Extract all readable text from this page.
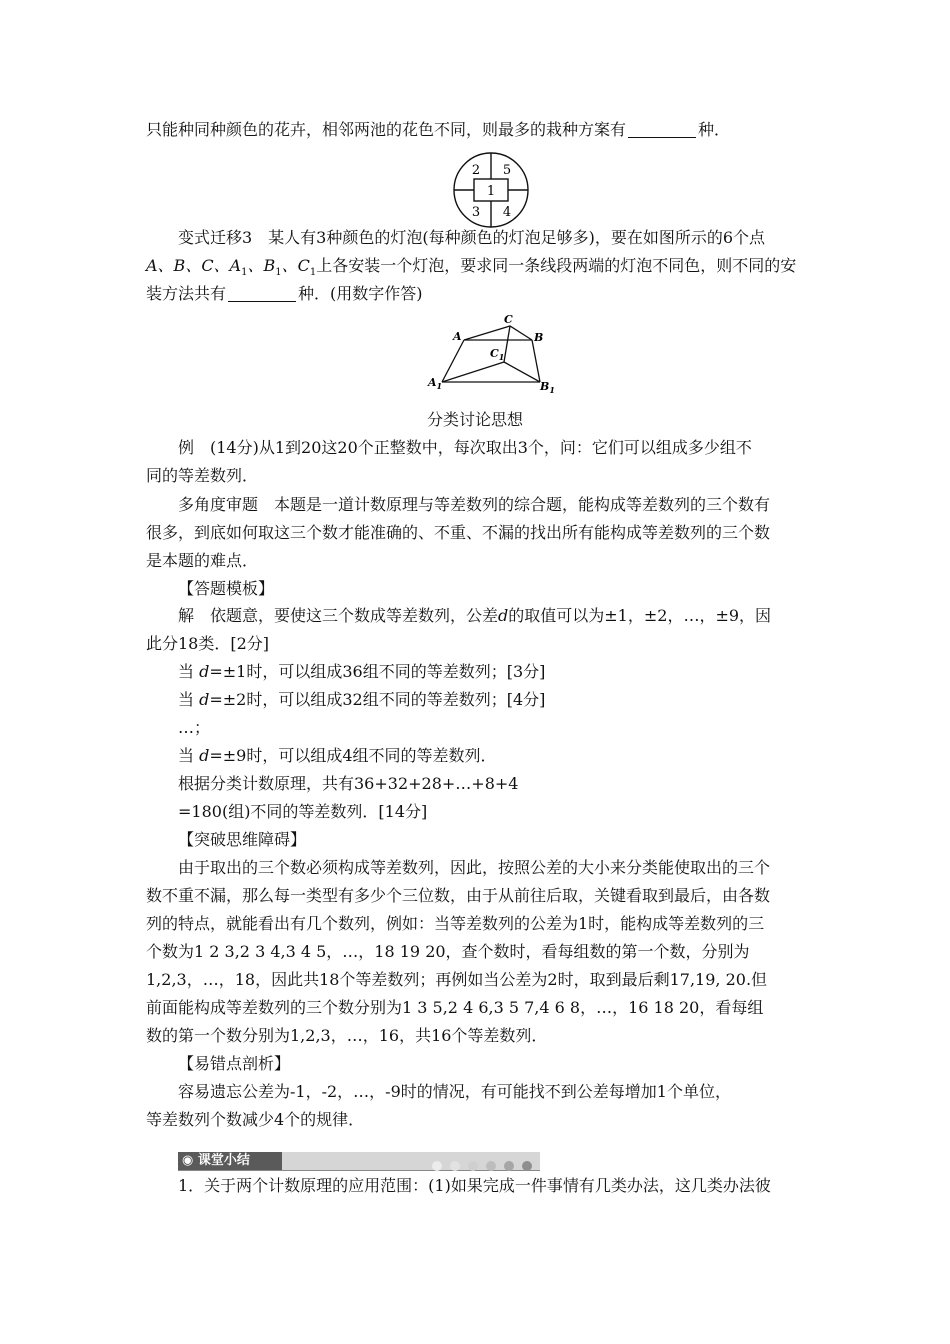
只能种同种颜色的花卉，相邻两池的花色不同，则最多的栽种方案有	种．
1
2 5
3 4
变式迁移3　某人有3种颜色的灯泡(每种颜色的灯泡足够多)，要在如图所示的6个点
A、B、C、$A_1$、$B_1$、$C_1$上各安装一个灯泡，要求同一条线段两端的灯泡不同色，则不同的安
装方法共有	种．(用数字作答)
A
C
B
$C_1$
$A_1$	$B_1$
分类讨论思想
例　(14分)从1到20这20个正整数中，每次取出3个，问：它们可以组成多少组不
同的等差数列．
多角度审题　本题是一道计数原理与等差数列的综合题，能构成等差数列的三个数有
很多，到底如何取这三个数才能准确的、不重、不漏的找出所有能构成等差数列的三个数
是本题的难点．
【答题模板】
解　依题意，要使这三个数成等差数列，公差d的取值可以为±1，±2，…，±9，因
此分18类．[2分]
当 d=±1时，可以组成36组不同的等差数列；[3分]
当 d=±2时，可以组成32组不同的等差数列；[4分]
…；
当 d=±9时，可以组成4组不同的等差数列．
根据分类计数原理，共有36+32+28+…+8+4
=180(组)不同的等差数列．[14分]
【突破思维障碍】
由于取出的三个数必须构成等差数列，因此，按照公差的大小来分类能使取出的三个
数不重不漏，那么每一类型有多少个三位数，由于从前往后取，关键看取到最后，由各数
列的特点，就能看出有几个数列，例如：当等差数列的公差为1时，能构成等差数列的三
个数为1 2 3,2 3 4,3 4 5，…，18 19 20，查个数时，看每组数的第一个数，分别为
1,2,3，…，18，因此共18个等差数列；再例如当公差为2时，取到最后剩17,19, 20.但
前面能构成等差数列的三个数分别为1 3 5,2 4 6,3 5 7,4 6 8，…，16 18 20，看每组
数的第一个数分别为1,2,3，…，16，共16个等差数列．
【易错点剖析】
容易遗忘公差为-1，-2，…，-9时的情况，有可能找不到公差每增加1个单位，
等差数列个数减少4个的规律．
◉ 课堂小结
1．关于两个计数原理的应用范围：(1)如果完成一件事情有几类办法，这几类办法彼
